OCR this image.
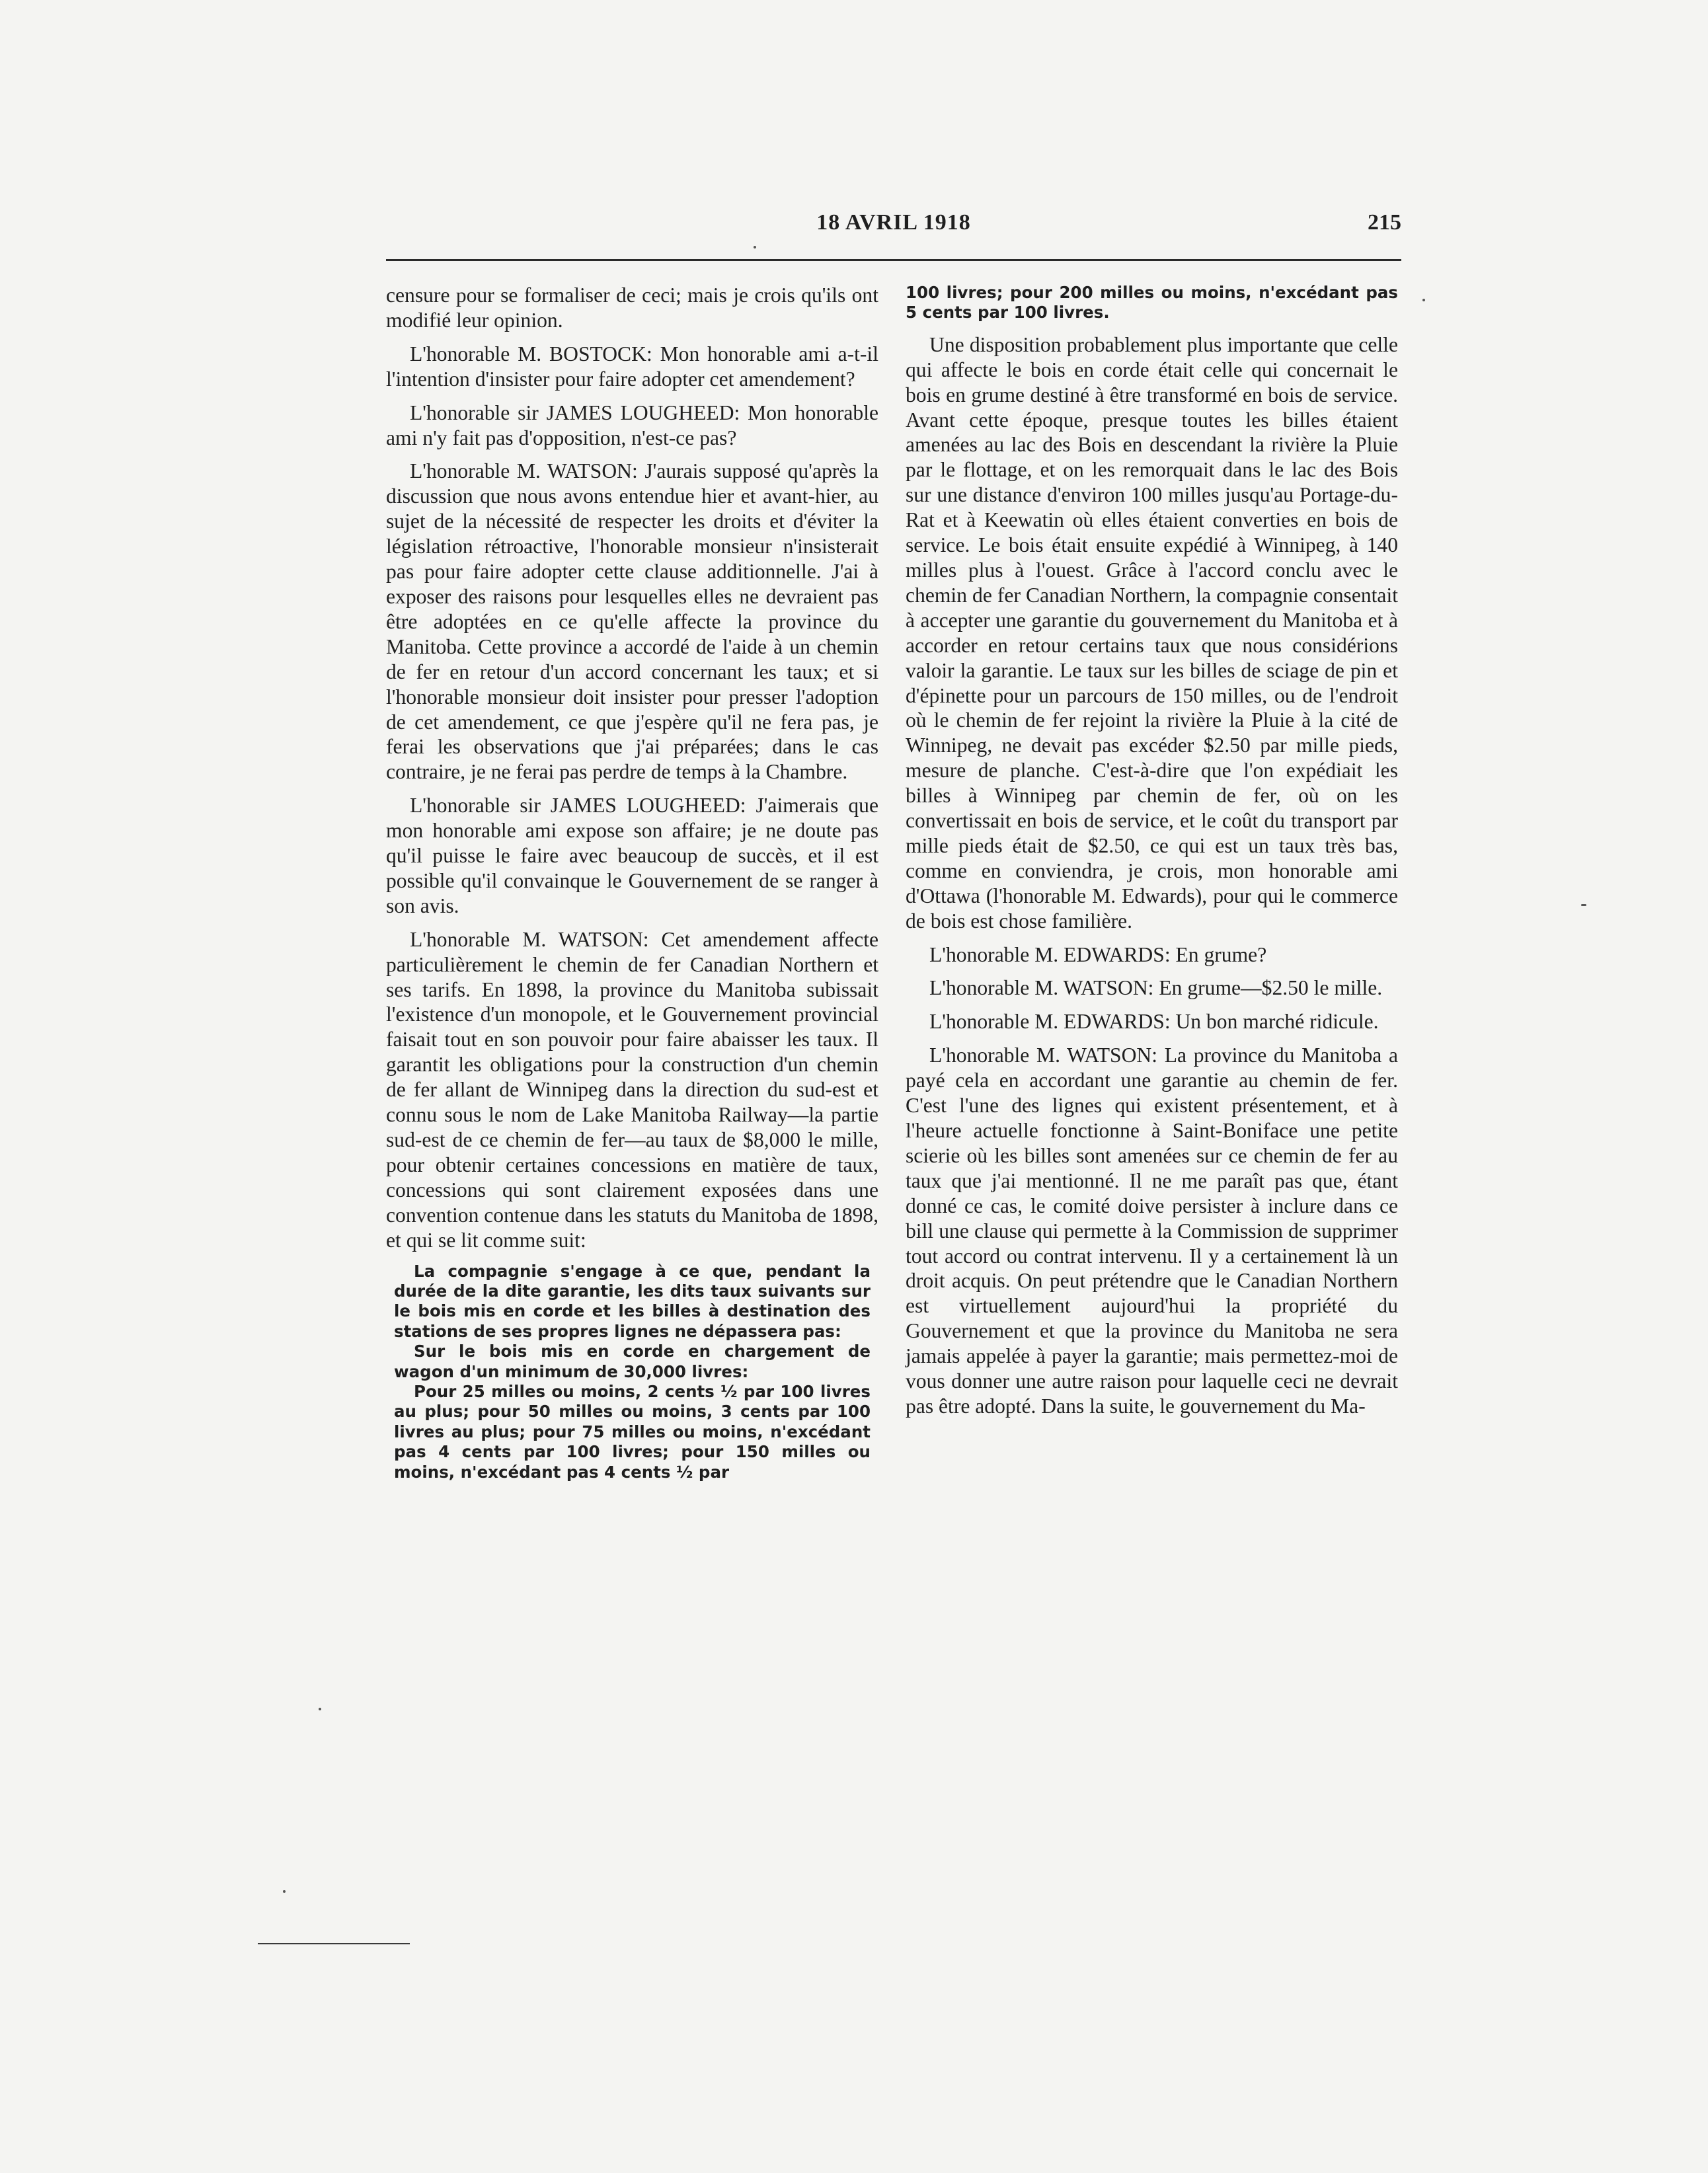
18 AVRIL 1918	215

censure pour se formaliser de ceci; mais je crois qu'ils ont modifié leur opinion.

L'honorable M. BOSTOCK: Mon honorable ami a-t-il l'intention d'insister pour faire adopter cet amendement?

L'honorable sir JAMES LOUGHEED: Mon honorable ami n'y fait pas d'opposition, n'est-ce pas?

L'honorable M. WATSON: J'aurais supposé qu'après la discussion que nous avons entendue hier et avant-hier, au sujet de la nécessité de respecter les droits et d'éviter la législation rétroactive, l'honorable monsieur n'insisterait pas pour faire adopter cette clause additionnelle. J'ai à exposer des raisons pour lesquelles elles ne devraient pas être adoptées en ce qu'elle affecte la province du Manitoba. Cette province a accordé de l'aide à un chemin de fer en retour d'un accord concernant les taux; et si l'honorable monsieur doit insister pour presser l'adoption de cet amendement, ce que j'espère qu'il ne fera pas, je ferai les observations que j'ai préparées; dans le cas contraire, je ne ferai pas perdre de temps à la Chambre.

L'honorable sir JAMES LOUGHEED: J'aimerais que mon honorable ami expose son affaire; je ne doute pas qu'il puisse le faire avec beaucoup de succès, et il est possible qu'il convainque le Gouvernement de se ranger à son avis.

L'honorable M. WATSON: Cet amendement affecte particulièrement le chemin de fer Canadian Northern et ses tarifs. En 1898, la province du Manitoba subissait l'existence d'un monopole, et le Gouvernement provincial faisait tout en son pouvoir pour faire abaisser les taux. Il garantit les obligations pour la construction d'un chemin de fer allant de Winnipeg dans la direction du sud-est et connu sous le nom de Lake Manitoba Railway—la partie sud-est de ce chemin de fer—au taux de $8,000 le mille, pour obtenir certaines concessions en matière de taux, concessions qui sont clairement exposées dans une convention contenue dans les statuts du Manitoba de 1898, et qui se lit comme suit:

La compagnie s'engage à ce que, pendant la durée de la dite garantie, les dits taux suivants sur le bois mis en corde et les billes à destination des stations de ses propres lignes ne dépassera pas:

Sur le bois mis en corde en chargement de wagon d'un minimum de 30,000 livres:

Pour 25 milles ou moins, 2 cents ½ par 100 livres au plus; pour 50 milles ou moins, 3 cents par 100 livres au plus; pour 75 milles ou moins, n'excédant pas 4 cents par 100 livres; pour 150 milles ou moins, n'excédant pas 4 cents ½ par

100 livres; pour 200 milles ou moins, n'excédant pas 5 cents par 100 livres.

Une disposition probablement plus importante que celle qui affecte le bois en corde était celle qui concernait le bois en grume destiné à être transformé en bois de service. Avant cette époque, presque toutes les billes étaient amenées au lac des Bois en descendant la rivière la Pluie par le flottage, et on les remorquait dans le lac des Bois sur une distance d'environ 100 milles jusqu'au Portage-du-Rat et à Keewatin où elles étaient converties en bois de service. Le bois était ensuite expédié à Winnipeg, à 140 milles plus à l'ouest. Grâce à l'accord conclu avec le chemin de fer Canadian Northern, la compagnie consentait à accepter une garantie du gouvernement du Manitoba et à accorder en retour certains taux que nous considérions valoir la garantie. Le taux sur les billes de sciage de pin et d'épinette pour un parcours de 150 milles, ou de l'endroit où le chemin de fer rejoint la rivière la Pluie à la cité de Winnipeg, ne devait pas excéder $2.50 par mille pieds, mesure de planche. C'est-à-dire que l'on expédiait les billes à Winnipeg par chemin de fer, où on les convertissait en bois de service, et le coût du transport par mille pieds était de $2.50, ce qui est un taux très bas, comme en conviendra, je crois, mon honorable ami d'Ottawa (l'honorable M. Edwards), pour qui le commerce de bois est chose familière.

L'honorable M. EDWARDS: En grume?

L'honorable M. WATSON: En grume—$2.50 le mille.

L'honorable M. EDWARDS: Un bon marché ridicule.

L'honorable M. WATSON: La province du Manitoba a payé cela en accordant une garantie au chemin de fer. C'est l'une des lignes qui existent présentement, et à l'heure actuelle fonctionne à Saint-Boniface une petite scierie où les billes sont amenées sur ce chemin de fer au taux que j'ai mentionné. Il ne me paraît pas que, étant donné ce cas, le comité doive persister à inclure dans ce bill une clause qui permette à la Commission de supprimer tout accord ou contrat intervenu. Il y a certainement là un droit acquis. On peut prétendre que le Canadian Northern est virtuellement aujourd'hui la propriété du Gouvernement et que la province du Manitoba ne sera jamais appelée à payer la garantie; mais permettez-moi de vous donner une autre raison pour laquelle ceci ne devrait pas être adopté. Dans la suite, le gouvernement du Ma-
